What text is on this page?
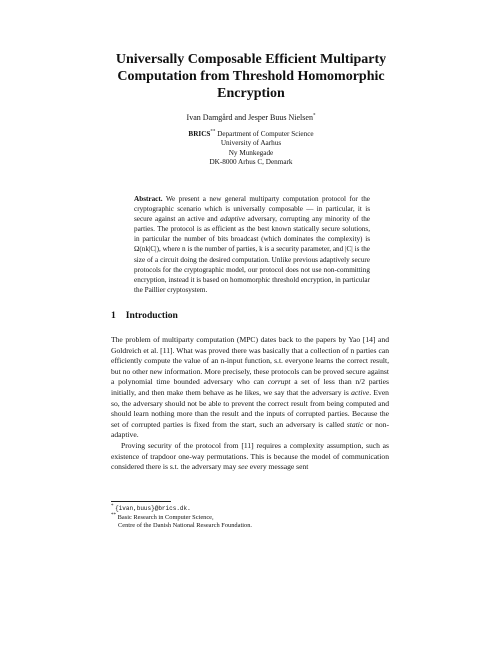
Universally Composable Efficient Multiparty Computation from Threshold Homomorphic Encryption
Ivan Damgård and Jesper Buus Nielsen*
BRICS** Department of Computer Science
University of Aarhus
Ny Munkegade
DK-8000 Arhus C, Denmark
Abstract. We present a new general multiparty computation protocol for the cryptographic scenario which is universally composable — in particular, it is secure against an active and adaptive adversary, corrupting any minority of the parties. The protocol is as efficient as the best known statically secure solutions, in particular the number of bits broadcast (which dominates the complexity) is Ω(nk|C|), where n is the number of parties, k is a security parameter, and |C| is the size of a circuit doing the desired computation. Unlike previous adaptively secure protocols for the cryptographic model, our protocol does not use non-committing encryption, instead it is based on homomorphic threshold encryption, in particular the Paillier cryptosystem.
1 Introduction

The problem of multiparty computation (MPC) dates back to the papers by Yao [14] and Goldreich et al. [11]. What was proved there was basically that a collection of n parties can efficiently compute the value of an n-input function, s.t. everyone learns the correct result, but no other new information. More precisely, these protocols can be proved secure against a polynomial time bounded adversary who can corrupt a set of less than n/2 parties initially, and then make them behave as he likes, we say that the adversary is active. Even so, the adversary should not be able to prevent the correct result from being computed and should learn nothing more than the result and the inputs of corrupted parties. Because the set of corrupted parties is fixed from the start, such an adversary is called static or non-adaptive.

Proving security of the protocol from [11] requires a complexity assumption, such as existence of trapdoor one-way permutations. This is because the model of communication considered there is s.t. the adversary may see every message sent

* {ivan,buus}@brics.dk.
** Basic Research in Computer Science,
Centre of the Danish National Research Foundation.
